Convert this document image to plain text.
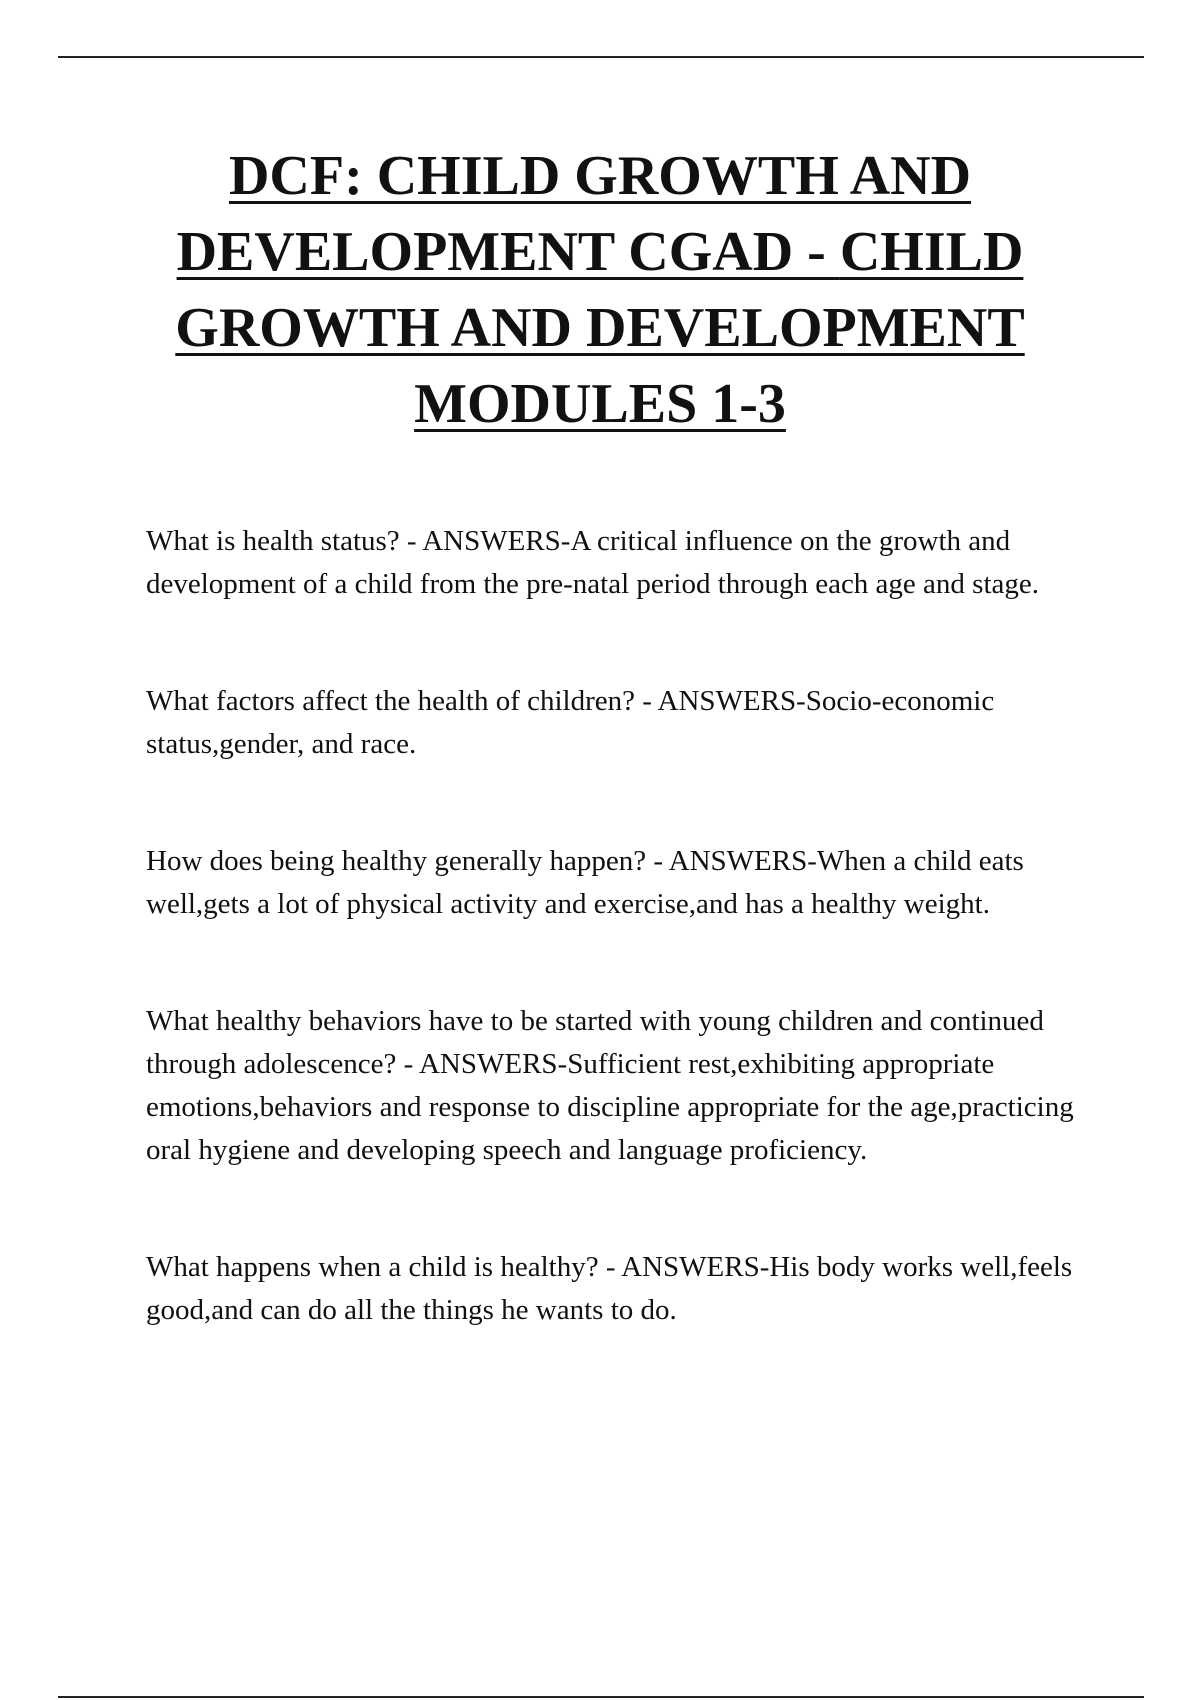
DCF: CHILD GROWTH AND
DEVELOPMENT CGAD - CHILD
GROWTH AND DEVELOPMENT
MODULES 1-3

What is health status? - ANSWERS-A critical influence on the growth and development of a child from the pre-natal period through each age and stage.

What factors affect the health of children? - ANSWERS-Socio-economic status,gender, and race.

How does being healthy generally happen? - ANSWERS-When a child eats well,gets a lot of physical activity and exercise,and has a healthy weight.

What healthy behaviors have to be started with young children and continued through adolescence? - ANSWERS-Sufficient rest,exhibiting appropriate emotions,behaviors and response to discipline appropriate for the age,practicing oral hygiene and developing speech and language proficiency.

What happens when a child is healthy? - ANSWERS-His body works well,feels good,and can do all the things he wants to do.
